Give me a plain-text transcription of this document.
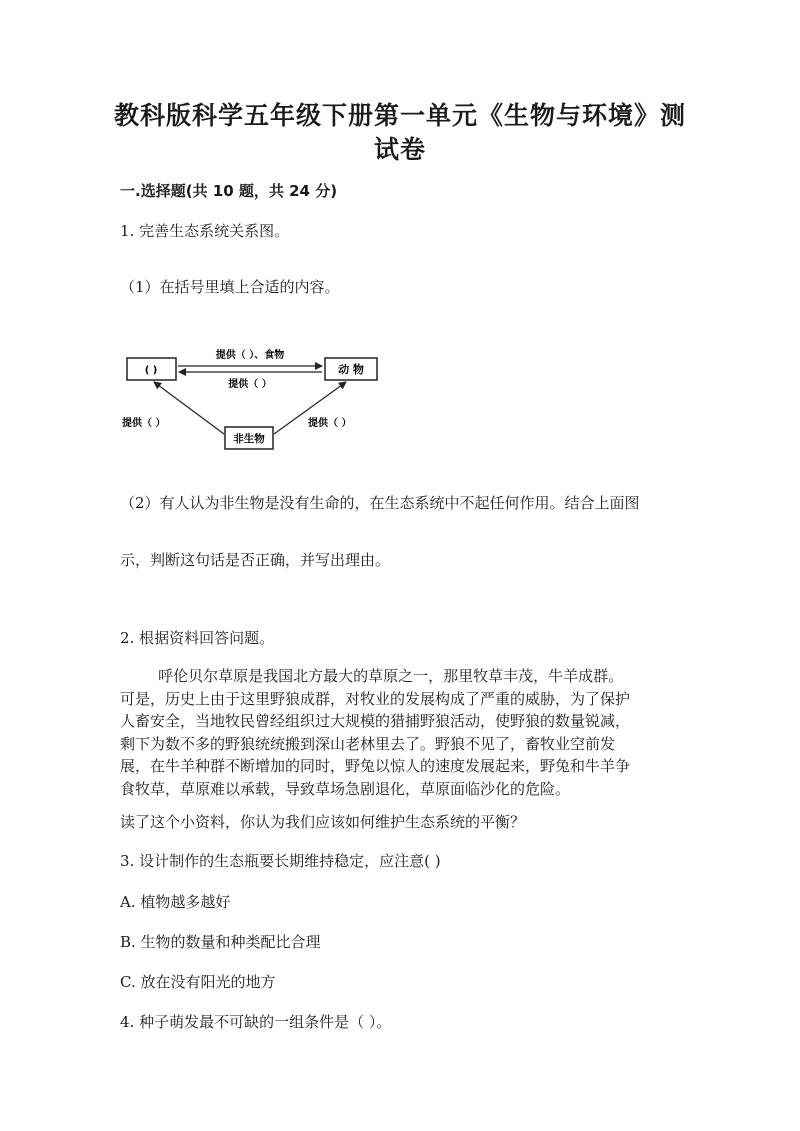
教科版科学五年级下册第一单元《生物与环境》测
试卷
一.选择题(共 10 题，共 24 分)
1. 完善生态系统关系图。
（1）在括号里填上合适的内容。
( )	动 物
非生物
提供（ ）、食物
提供（ ）
提供（ ）	提供（ ）
（2）有人认为非生物是没有生命的，在生态系统中不起任何作用。结合上面图
示，判断这句话是否正确，并写出理由。
2. 根据资料回答问题。
呼伦贝尔草原是我国北方最大的草原之一，那里牧草丰茂，牛羊成群。
可是，历史上由于这里野狼成群，对牧业的发展构成了严重的威胁，为了保护
人畜安全，当地牧民曾经组织过大规模的猎捕野狼活动，使野狼的数量锐减，
剩下为数不多的野狼统统搬到深山老林里去了。野狼不见了，畜牧业空前发
展，在牛羊种群不断增加的同时，野兔以惊人的速度发展起来，野兔和牛羊争
食牧草，草原难以承载，导致草场急剧退化，草原面临沙化的危险。
读了这个小资料，你认为我们应该如何维护生态系统的平衡？
3. 设计制作的生态瓶要长期维持稳定，应注意( )
A. 植物越多越好
B. 生物的数量和种类配比合理
C. 放在没有阳光的地方
4. 种子萌发最不可缺的一组条件是（ ）。
